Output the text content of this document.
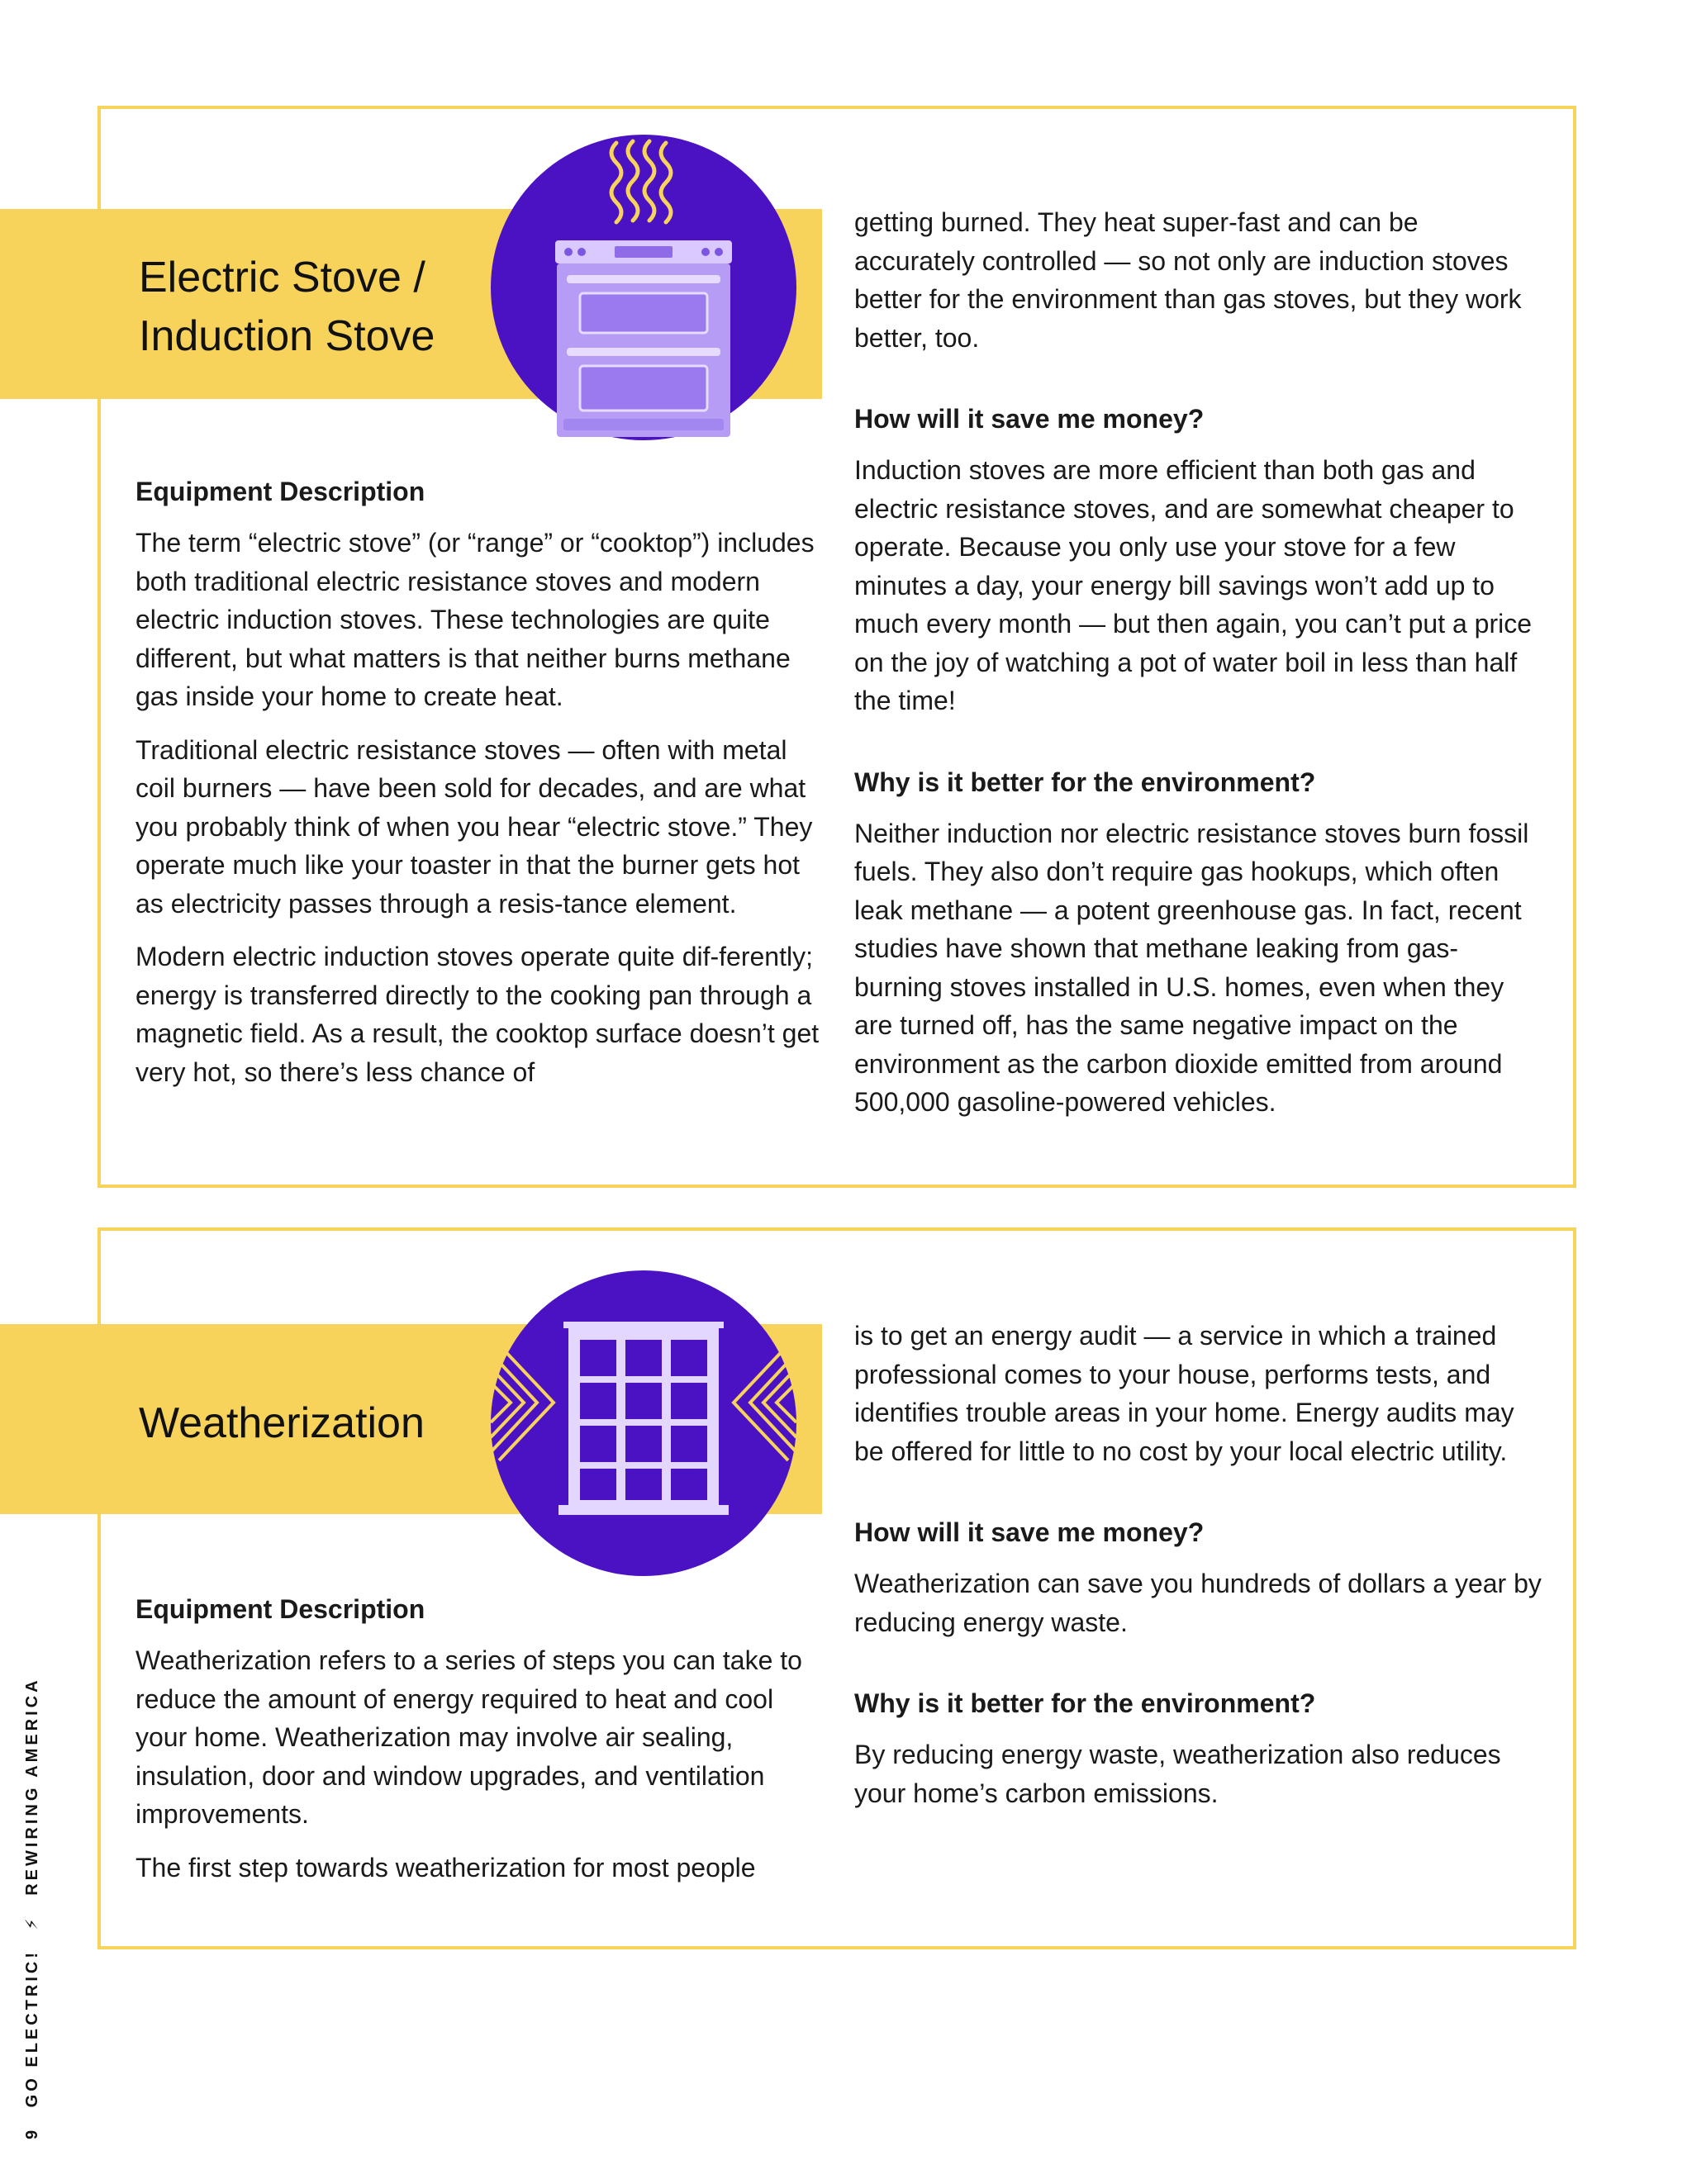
Electric Stove /
Induction Stove
Equipment Description

The term “electric stove” (or “range” or “cooktop”) includes both traditional electric resistance stoves and modern electric induction stoves. These technologies are quite different, but what matters is that neither burns methane gas inside your home to create heat.

Traditional electric resistance stoves — often with metal coil burners — have been sold for decades, and are what you probably think of when you hear “electric stove.” They operate much like your toaster in that the burner gets hot as electricity passes through a resis-tance element.

Modern electric induction stoves operate quite dif-ferently; energy is transferred directly to the cooking pan through a magnetic field. As a result, the cooktop surface doesn’t get very hot, so there’s less chance of

getting burned. They heat super-fast and can be accurately controlled — so not only are induction stoves better for the environment than gas stoves, but they work better, too.

How will it save me money?

Induction stoves are more efficient than both gas and electric resistance stoves, and are somewhat cheaper to operate. Because you only use your stove for a few minutes a day, your energy bill savings won’t add up to much every month — but then again, you can’t put a price on the joy of watching a pot of water boil in less than half the time!

Why is it better for the environment?

Neither induction nor electric resistance stoves burn fossil fuels. They also don’t require gas hookups, which often leak methane — a potent greenhouse gas. In fact, recent studies have shown that methane leaking from gas-burning stoves installed in U.S. homes, even when they are turned off, has the same negative impact on the environment as the carbon dioxide emitted from around 500,000 gasoline-powered vehicles.

Weatherization
Equipment Description

Weatherization refers to a series of steps you can take to reduce the amount of energy required to heat and cool your home. Weatherization may involve air sealing, insulation, door and window upgrades, and ventilation improvements.

The first step towards weatherization for most people

is to get an energy audit — a service in which a trained professional comes to your house, performs tests, and identifies trouble areas in your home. Energy audits may be offered for little to no cost by your local electric utility.

How will it save me money?

Weatherization can save you hundreds of dollars a year by reducing energy waste.

Why is it better for the environment?

By reducing energy waste, weatherization also reduces your home’s carbon emissions.

9 GO ELECTRIC! ⚡ REWIRING AMERICA
